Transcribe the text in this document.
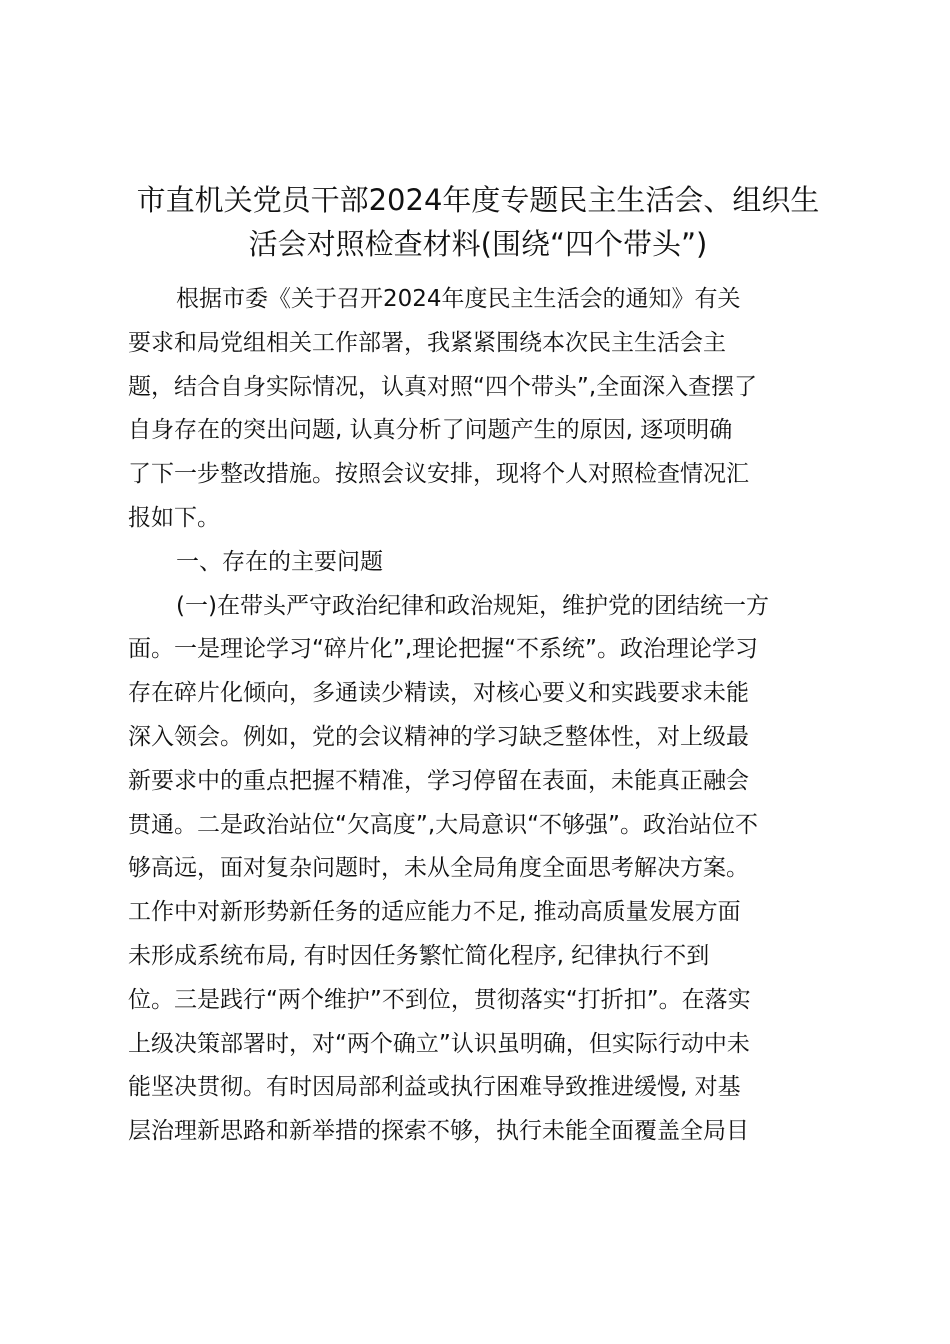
市直机关党员干部2024年度专题民主生活会、组织生
活会对照检查材料(围绕“四个带头”)

根据市委《关于召开2024年度民主生活会的通知》有关
要求和局党组相关工作部署，我紧紧围绕本次民主生活会主
题，结合自身实际情况，认真对照“四个带头”,全面深入查摆了
自身存在的突出问题, 认真分析了问题产生的原因, 逐项明确
了下一步整改措施。按照会议安排，现将个人对照检查情况汇
报如下。

一、存在的主要问题

(一)在带头严守政治纪律和政治规矩，维护党的团结统一方
面。一是理论学习“碎片化”,理论把握“不系统”。政治理论学习
存在碎片化倾向，多通读少精读，对核心要义和实践要求未能
深入领会。例如，党的会议精神的学习缺乏整体性，对上级最
新要求中的重点把握不精准，学习停留在表面，未能真正融会
贯通。二是政治站位“欠高度”,大局意识“不够强”。政治站位不
够高远，面对复杂问题时，未从全局角度全面思考解决方案。
工作中对新形势新任务的适应能力不足, 推动高质量发展方面
未形成系统布局, 有时因任务繁忙简化程序, 纪律执行不到
位。三是践行“两个维护”不到位，贯彻落实“打折扣”。在落实
上级决策部署时，对“两个确立”认识虽明确，但实际行动中未
能坚决贯彻。有时因局部利益或执行困难导致推进缓慢, 对基
层治理新思路和新举措的探索不够，执行未能全面覆盖全局目
